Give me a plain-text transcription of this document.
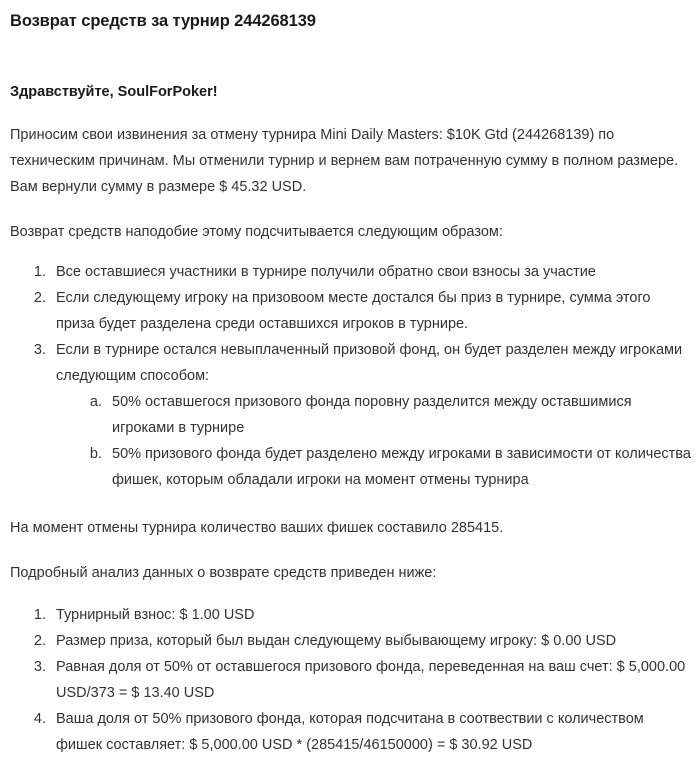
Возврат средств за турнир 244268139

Здравствуйте, SoulForPoker!

Приносим свои извинения за отмену турнира Mini Daily Masters: $10K Gtd (244268139) по техническим причинам. Мы отменили турнир и вернем вам потраченную сумму в полном размере. Вам вернули сумму в размере $ 45.32 USD.

Возврат средств наподобие этому подсчитывается следующим образом:

1. Все оставшиеся участники в турнире получили обратно свои взносы за участие
2. Если следующему игроку на призовоом месте достался бы приз в турнире, сумма этого приза будет разделена среди оставшихся игроков в турнире.
3. Если в турнире остался невыплаченный призовой фонд, он будет разделен между игроками следующим способом:
a. 50% оставшегося призового фонда поровну разделится между оставшимися игроками в турнире
b. 50% призового фонда будет разделено между игроками в зависимости от количества фишек, которым обладали игроки на момент отмены турнира

На момент отмены турнира количество ваших фишек составило 285415.

Подробный анализ данных о возврате средств приведен ниже:

1. Турнирный взнос: $ 1.00 USD
2. Размер приза, который был выдан следующему выбывающему игроку: $ 0.00 USD
3. Равная доля от 50% от оставшегося призового фонда, переведенная на ваш счет: $ 5,000.00 USD/373 = $ 13.40 USD
4. Ваша доля от 50% призового фонда, которая подсчитана в соотвествии с количеством фишек составляет: $ 5,000.00 USD * (285415/46150000) = $ 30.92 USD
